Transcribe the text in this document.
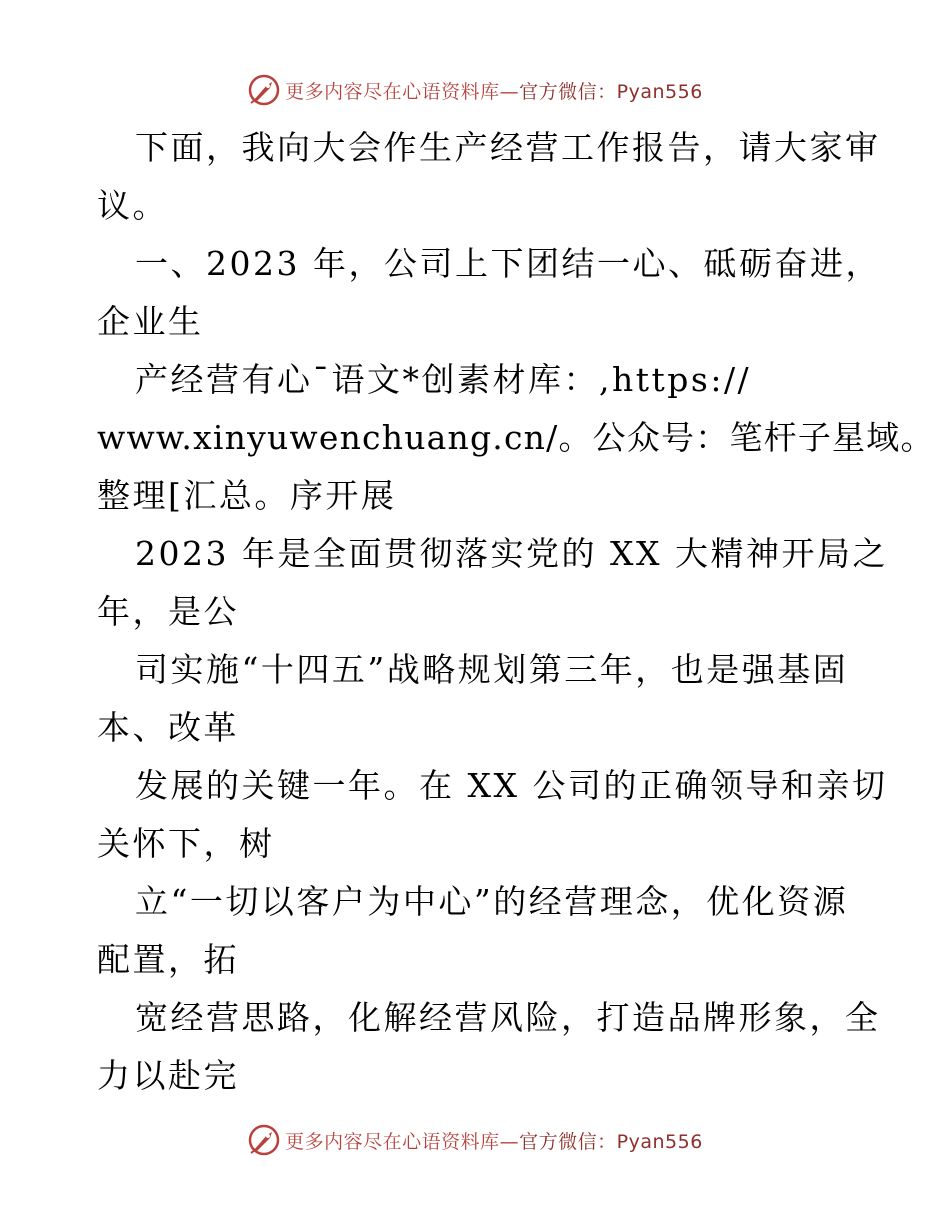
更多内容尽在心语资料库—官方微信：Pyan556
下面，我向大会作生产经营工作报告，请大家审
议。
一、2023 年，公司上下团结一心、砥砺奋进，
企业生
产经营有心¯语文*创素材库：,https://
www.xinyuwenchuang.cn/。公众号：笔杆子星域。
整理[汇总。序开展
2023 年是全面贯彻落实党的 XX 大精神开局之
年，是公
司实施“十四五”战略规划第三年，也是强基固
本、改革
发展的关键一年。在 XX 公司的正确领导和亲切
关怀下，树
立“一切以客户为中心”的经营理念，优化资源
配置，拓
宽经营思路，化解经营风险，打造品牌形象，全
力以赴完
更多内容尽在心语资料库—官方微信：Pyan556
